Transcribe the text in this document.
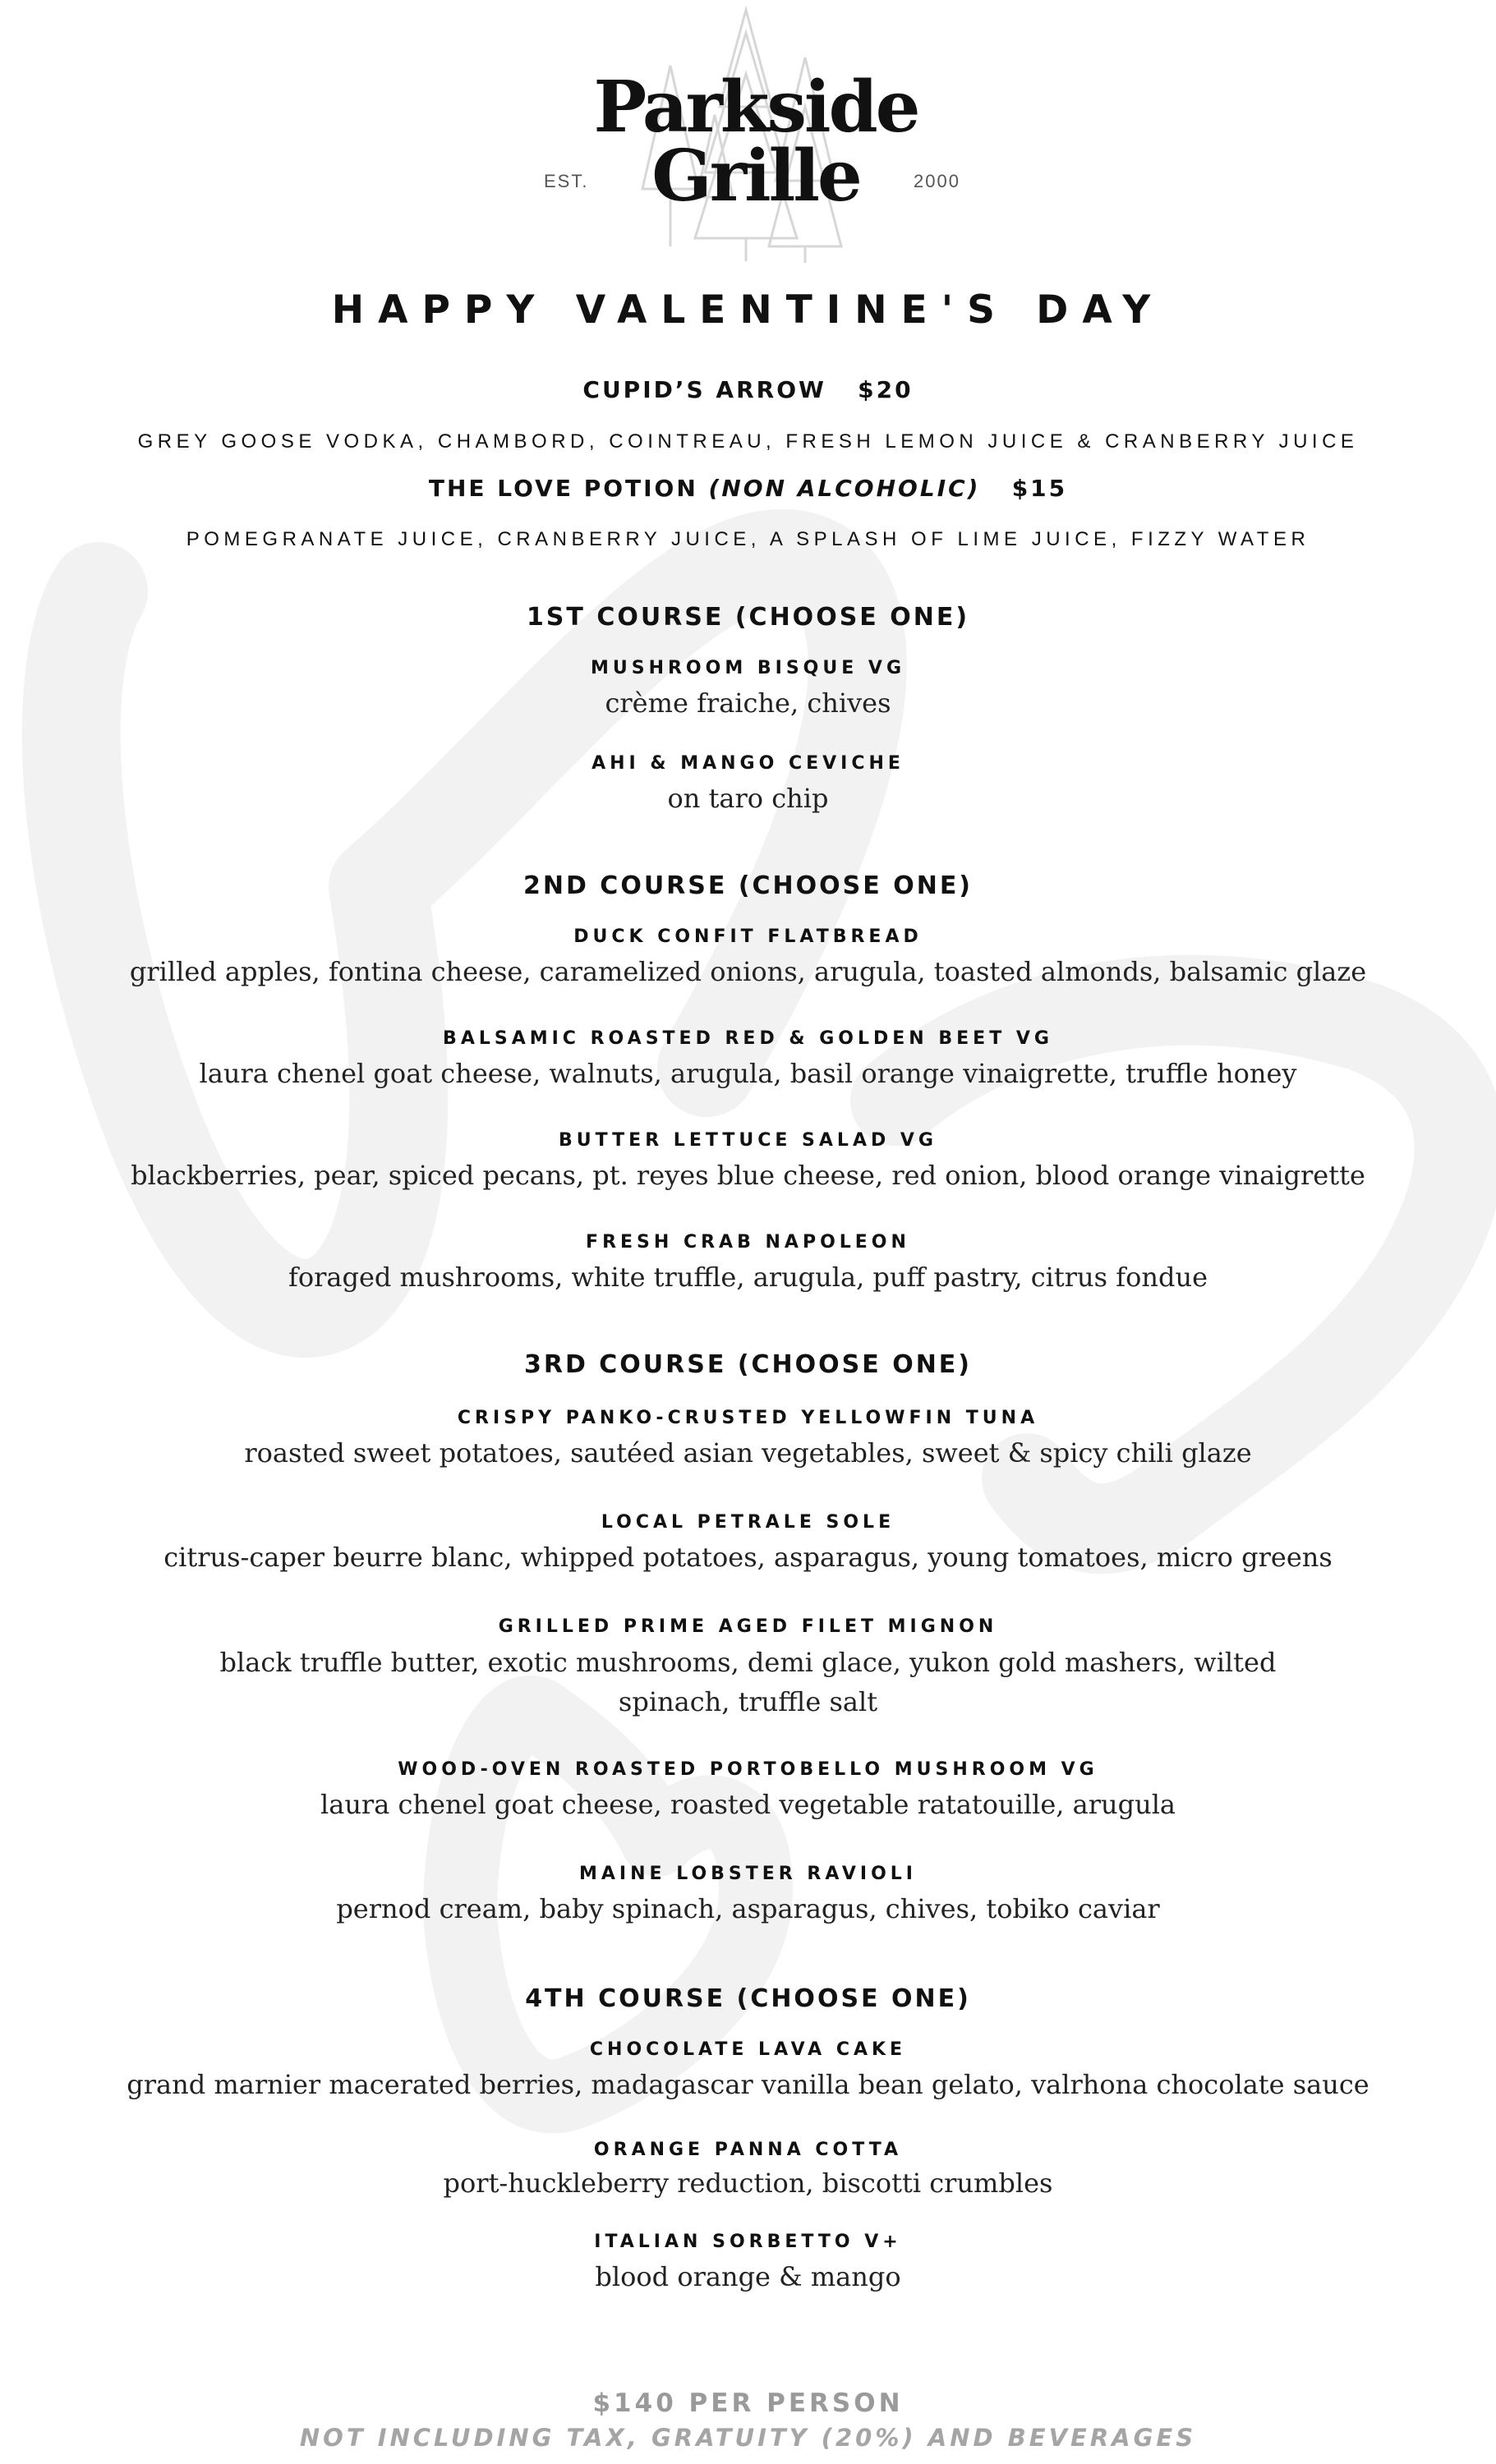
Parkside
Grille
EST.	2000
HAPPY VALENTINE'S DAY
CUPID’S ARROW $20
GREY GOOSE VODKA, CHAMBORD, COINTREAU, FRESH LEMON JUICE & CRANBERRY JUICE
THE LOVE POTION (NON ALCOHOLIC) $15
POMEGRANATE JUICE, CRANBERRY JUICE, A SPLASH OF LIME JUICE, FIZZY WATER
1ST COURSE (CHOOSE ONE)
MUSHROOM BISQUE VG
crème fraiche, chives
AHI & MANGO CEVICHE
on taro chip
2ND COURSE (CHOOSE ONE)
DUCK CONFIT FLATBREAD
grilled apples, fontina cheese, caramelized onions, arugula, toasted almonds, balsamic glaze
BALSAMIC ROASTED RED & GOLDEN BEET VG
laura chenel goat cheese, walnuts, arugula, basil orange vinaigrette, truffle honey
BUTTER LETTUCE SALAD VG
blackberries, pear, spiced pecans, pt. reyes blue cheese, red onion, blood orange vinaigrette
FRESH CRAB NAPOLEON
foraged mushrooms, white truffle, arugula, puff pastry, citrus fondue
3RD COURSE (CHOOSE ONE)
CRISPY PANKO-CRUSTED YELLOWFIN TUNA
roasted sweet potatoes, sautéed asian vegetables, sweet & spicy chili glaze
LOCAL PETRALE SOLE
citrus-caper beurre blanc, whipped potatoes, asparagus, young tomatoes, micro greens
GRILLED PRIME AGED FILET MIGNON
black truffle butter, exotic mushrooms, demi glace, yukon gold mashers, wilted spinach, truffle salt
WOOD-OVEN ROASTED PORTOBELLO MUSHROOM VG
laura chenel goat cheese, roasted vegetable ratatouille, arugula
MAINE LOBSTER RAVIOLI
pernod cream, baby spinach, asparagus, chives, tobiko caviar
4TH COURSE (CHOOSE ONE)
CHOCOLATE LAVA CAKE
grand marnier macerated berries, madagascar vanilla bean gelato, valrhona chocolate sauce
ORANGE PANNA COTTA
port-huckleberry reduction, biscotti crumbles
ITALIAN SORBETTO V+
blood orange & mango
$140 PER PERSON
NOT INCLUDING TAX, GRATUITY (20%) AND BEVERAGES
